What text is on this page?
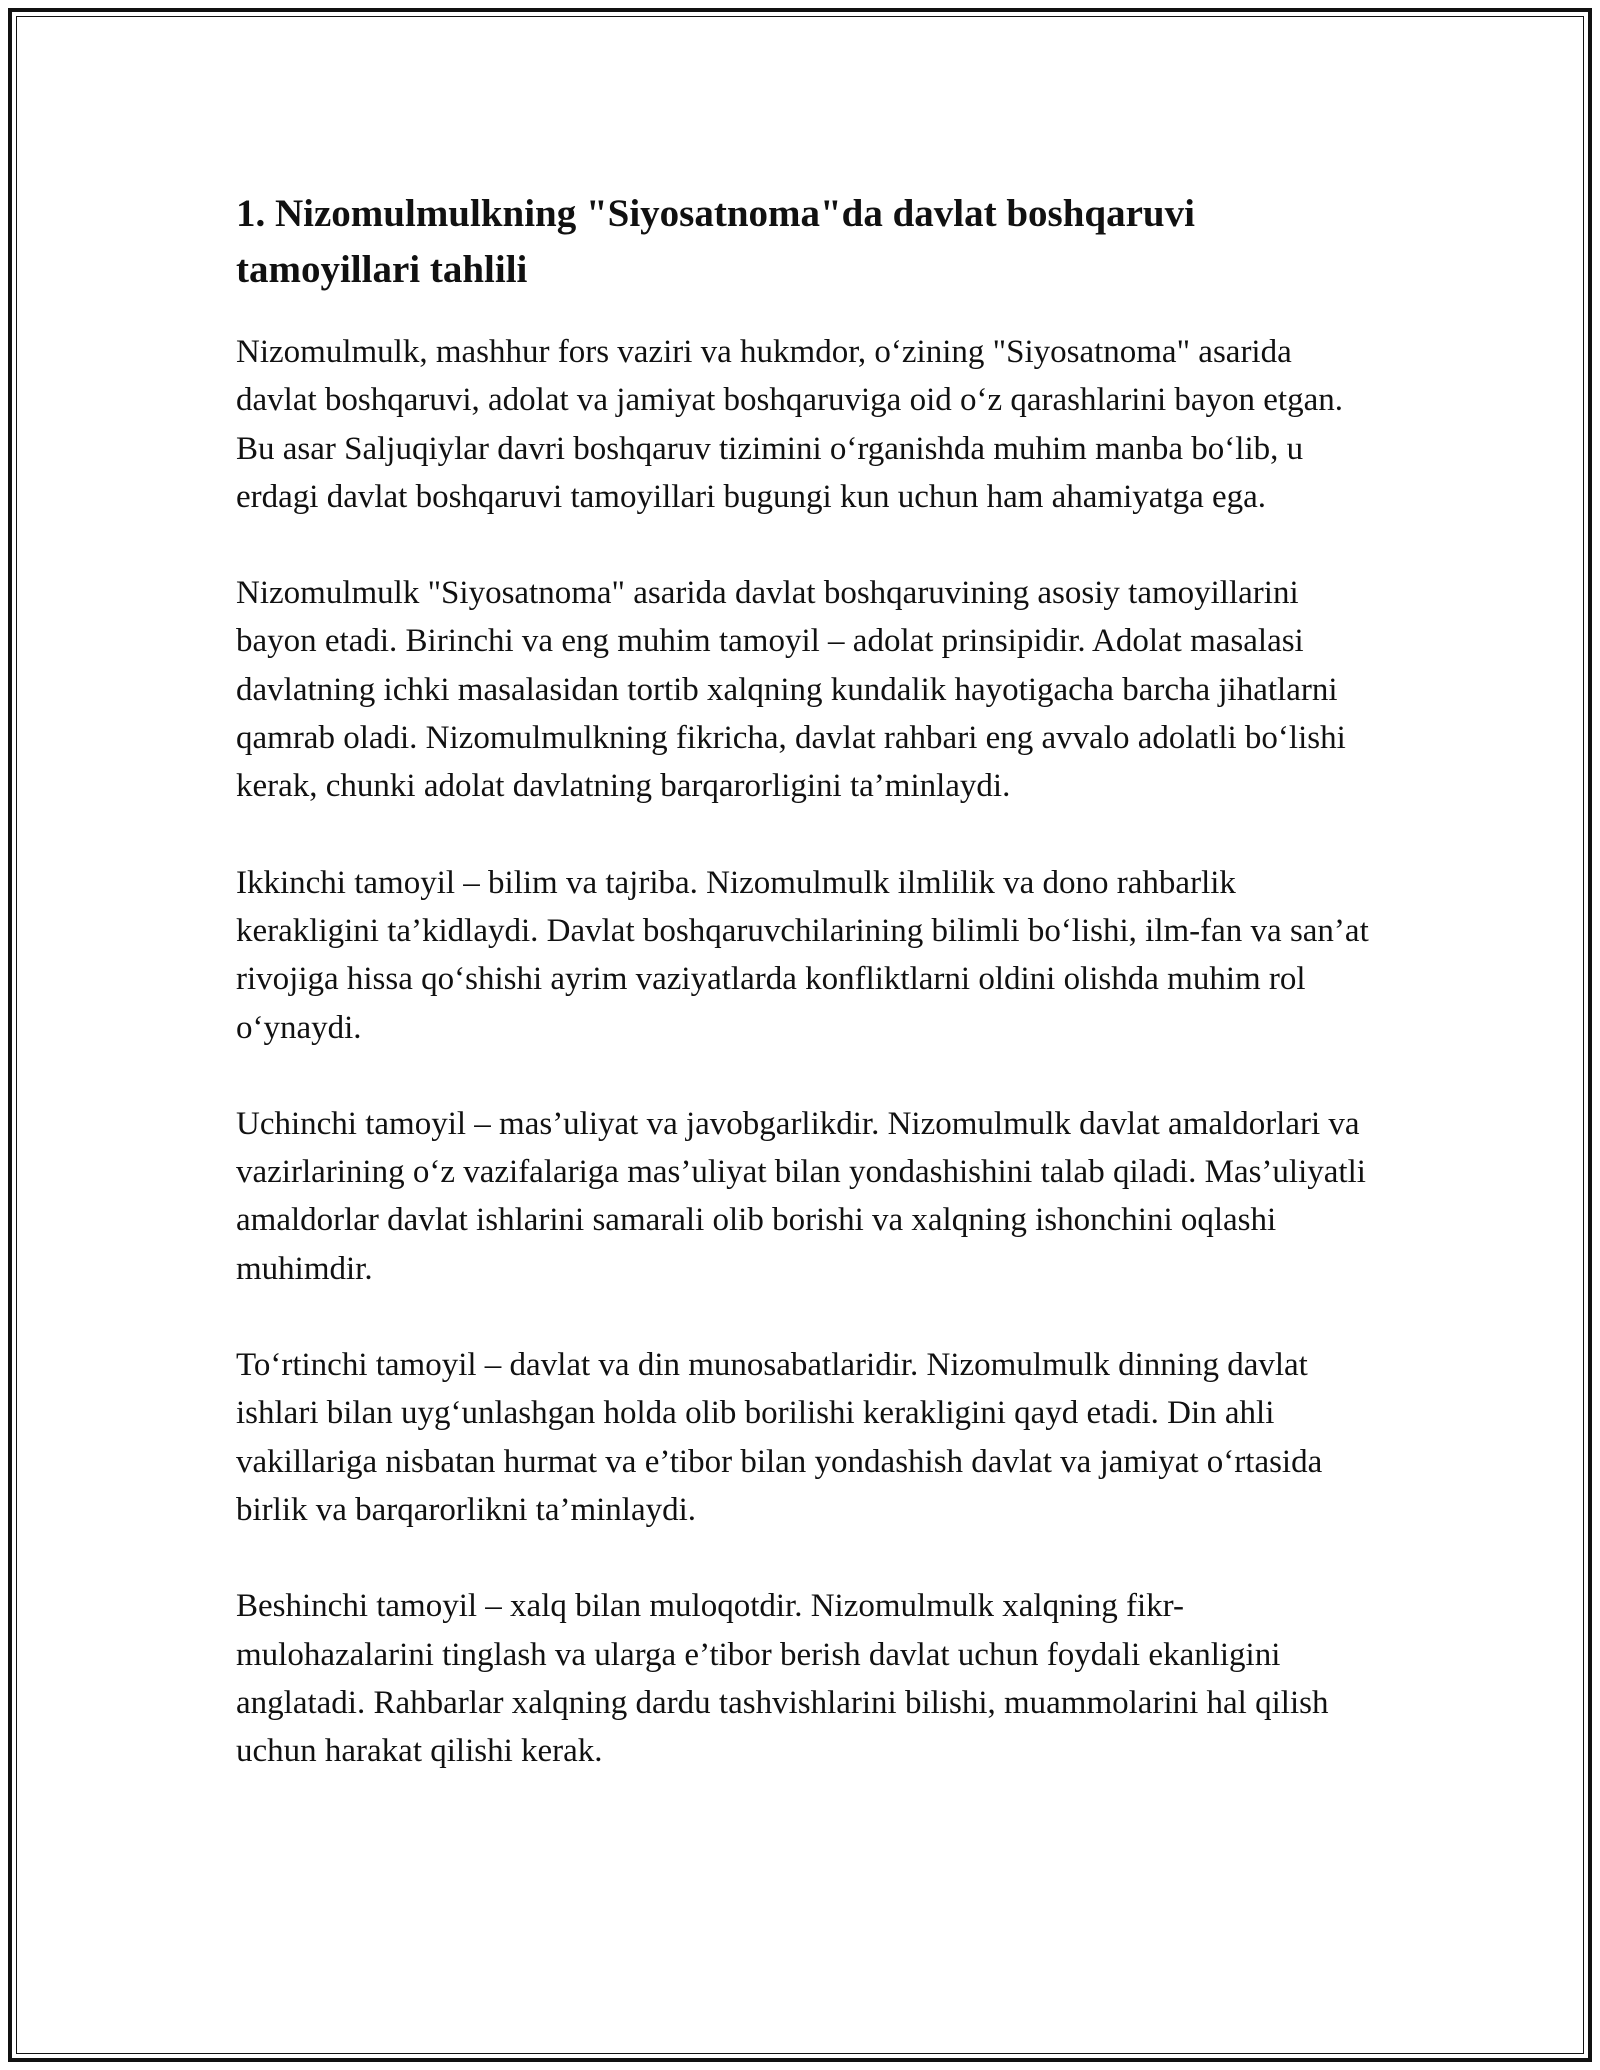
1. Nizomulmulkning "Siyosatnoma"da davlat boshqaruvi tamoyillari tahlili

Nizomulmulk, mashhur fors vaziri va hukmdor, o‘zining "Siyosatnoma" asarida davlat boshqaruvi, adolat va jamiyat boshqaruviga oid o‘z qarashlarini bayon etgan. Bu asar Saljuqiylar davri boshqaruv tizimini o‘rganishda muhim manba bo‘lib, u erdagi davlat boshqaruvi tamoyillari bugungi kun uchun ham ahamiyatga ega.

Nizomulmulk "Siyosatnoma" asarida davlat boshqaruvining asosiy tamoyillarini bayon etadi. Birinchi va eng muhim tamoyil – adolat prinsipidir. Adolat masalasi davlatning ichki masalasidan tortib xalqning kundalik hayotigacha barcha jihatlarni qamrab oladi. Nizomulmulkning fikricha, davlat rahbari eng avvalo adolatli bo‘lishi kerak, chunki adolat davlatning barqarorligini ta’minlaydi.

Ikkinchi tamoyil – bilim va tajriba. Nizomulmulk ilmlilik va dono rahbarlik kerakligini ta’kidlaydi. Davlat boshqaruvchilarining bilimli bo‘lishi, ilm-fan va san’at rivojiga hissa qo‘shishi ayrim vaziyatlarda konfliktlarni oldini olishda muhim rol o‘ynaydi.

Uchinchi tamoyil – mas’uliyat va javobgarlikdir. Nizomulmulk davlat amaldorlari va vazirlarining o‘z vazifalariga mas’uliyat bilan yondashishini talab qiladi. Mas’uliyatli amaldorlar davlat ishlarini samarali olib borishi va xalqning ishonchini oqlashi muhimdir.

To‘rtinchi tamoyil – davlat va din munosabatlaridir. Nizomulmulk dinning davlat ishlari bilan uyg‘unlashgan holda olib borilishi kerakligini qayd etadi. Din ahli vakillariga nisbatan hurmat va e’tibor bilan yondashish davlat va jamiyat o‘rtasida birlik va barqarorlikni ta’minlaydi.

Beshinchi tamoyil – xalq bilan muloqotdir. Nizomulmulk xalqning fikr-mulohazalarini tinglash va ularga e’tibor berish davlat uchun foydali ekanligini anglatadi. Rahbarlar xalqning dardu tashvishlarini bilishi, muammolarini hal qilish uchun harakat qilishi kerak.
